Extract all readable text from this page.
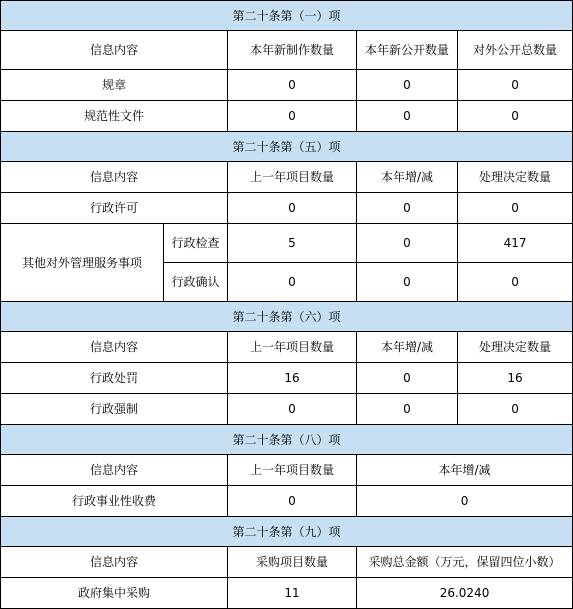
第二十条第（一）项				
信息内容		本年新制作数量	本年新公开数量	对外公开总数量
规章		0	0	0
规范性文件		0	0	0
第二十条第（五）项				
信息内容		上一年项目数量	本年增/减	处理决定数量
行政许可		0	0	0
其他对外管理服务事项	行政检查	5	0	417
	行政确认	0	0	0
第二十条第（六）项				
信息内容		上一年项目数量	本年增/减	处理决定数量
行政处罚		16	0	16
行政强制		0	0	0
第二十条第（八）项				
信息内容		上一年项目数量	本年增/减	
行政事业性收费		0	0	
第二十条第（九）项				
信息内容		采购项目数量	采购总金额（万元，保留四位小数）	
政府集中采购		11	26.0240	
